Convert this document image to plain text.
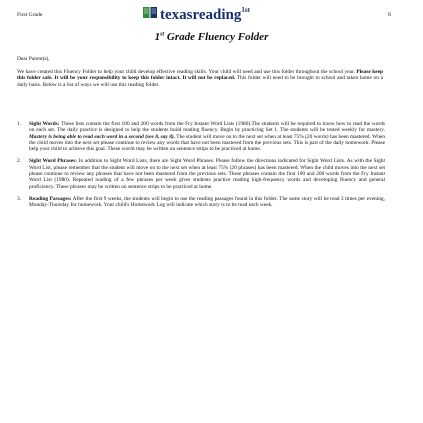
First Grade	texasreading$^{1st}$
6
1st Grade Fluency Folder
Dear Parent(s),
We have created this Fluency Folder to help your child develop effective reading skills. Your child will need and use this folder throughout the school year. Please keep this folder safe. It will be your responsibility to keep this folder intact. It will not be replaced. This folder will need to be brought to school and taken home on a daily basis. Below is a list of ways we will use this reading folder.
1. Sight Words: These lists contain the first 100 and 200 words from the Fry Instant Word Lists (1980).The students will be required to know how to read the words on each set. The daily practice is designed to help the students build reading fluency. Begin by practicing Set 1. The students will be tested weekly for mastery. Mastery is being able to read each word in a second (see 8, say 8). The student will move on to the next set when at least 75% (20 words) has been mastered. When the child moves into the next set please continue to review any words that have not been mastered from the previous sets. This is part of the daily homework. Please help your child to achieve this goal. These words may be written on sentence strips to be practiced at home.
2. Sight Word Phrases: In addition to Sight Word Lists, there are Sight Word Phrases. Please follow the directions indicated for Sight Word Lists. As with the Sight Word List, please remember that the student will move on to the next set when at least 75% (20 phrases) has been mastered. When the child moves into the next set please continue to review any phrases that have not been mastered from the previous sets. These phrases contain the first 100 and 200 words from the Fry Instant Word List (1980). Repeated reading of a few phrases per week gives students practice reading high-frequency words and developing fluency and general proficiency. These phrases may be written on sentence strips to be practiced at home.
3. Reading Passages: After the first 9 weeks, the students will begin to use the reading passages found in this folder. The same story will be read 3 times per evening, Monday-Thursday for homework. Your child's Homework Log will indicate which story is to be read each week.
